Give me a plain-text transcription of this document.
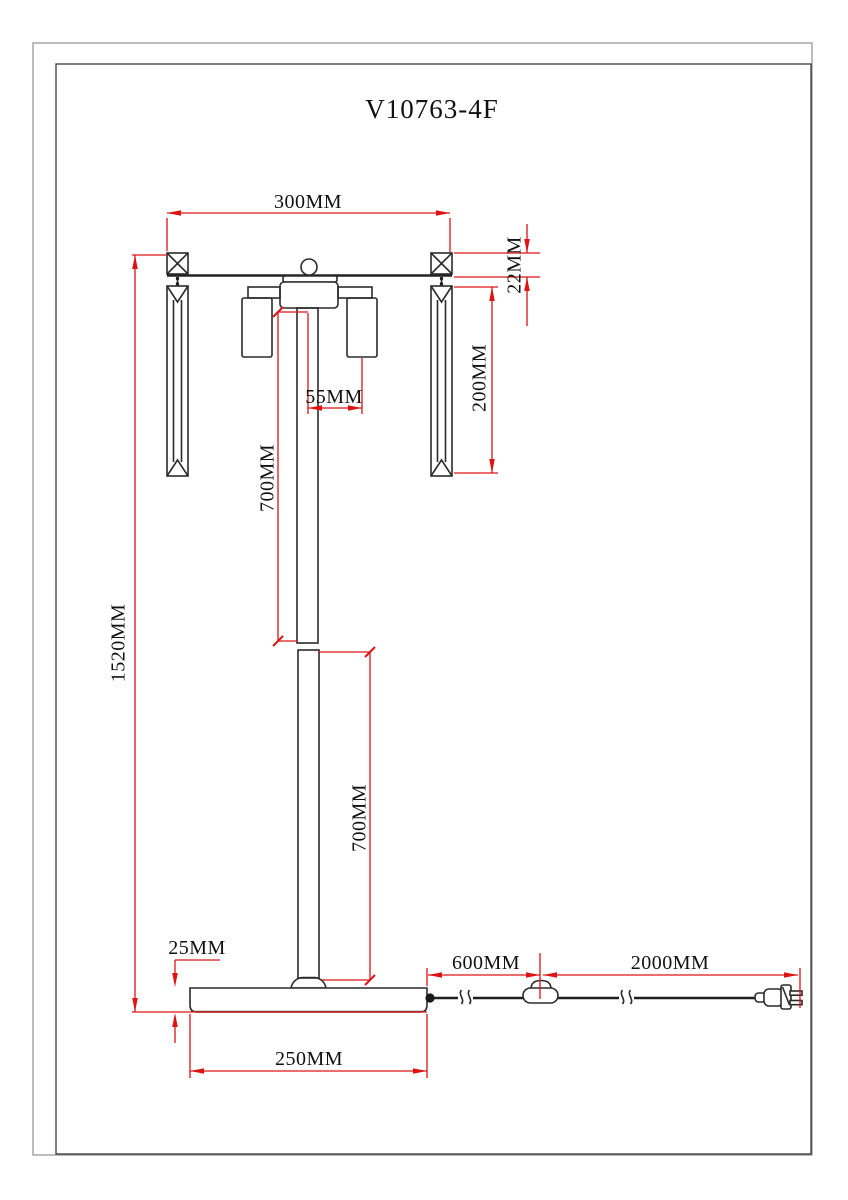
V10763-4F
300MM
22MM
200MM
55MM
700MM
700MM
1520MM
25MM
250MM
600MM	2000MM
